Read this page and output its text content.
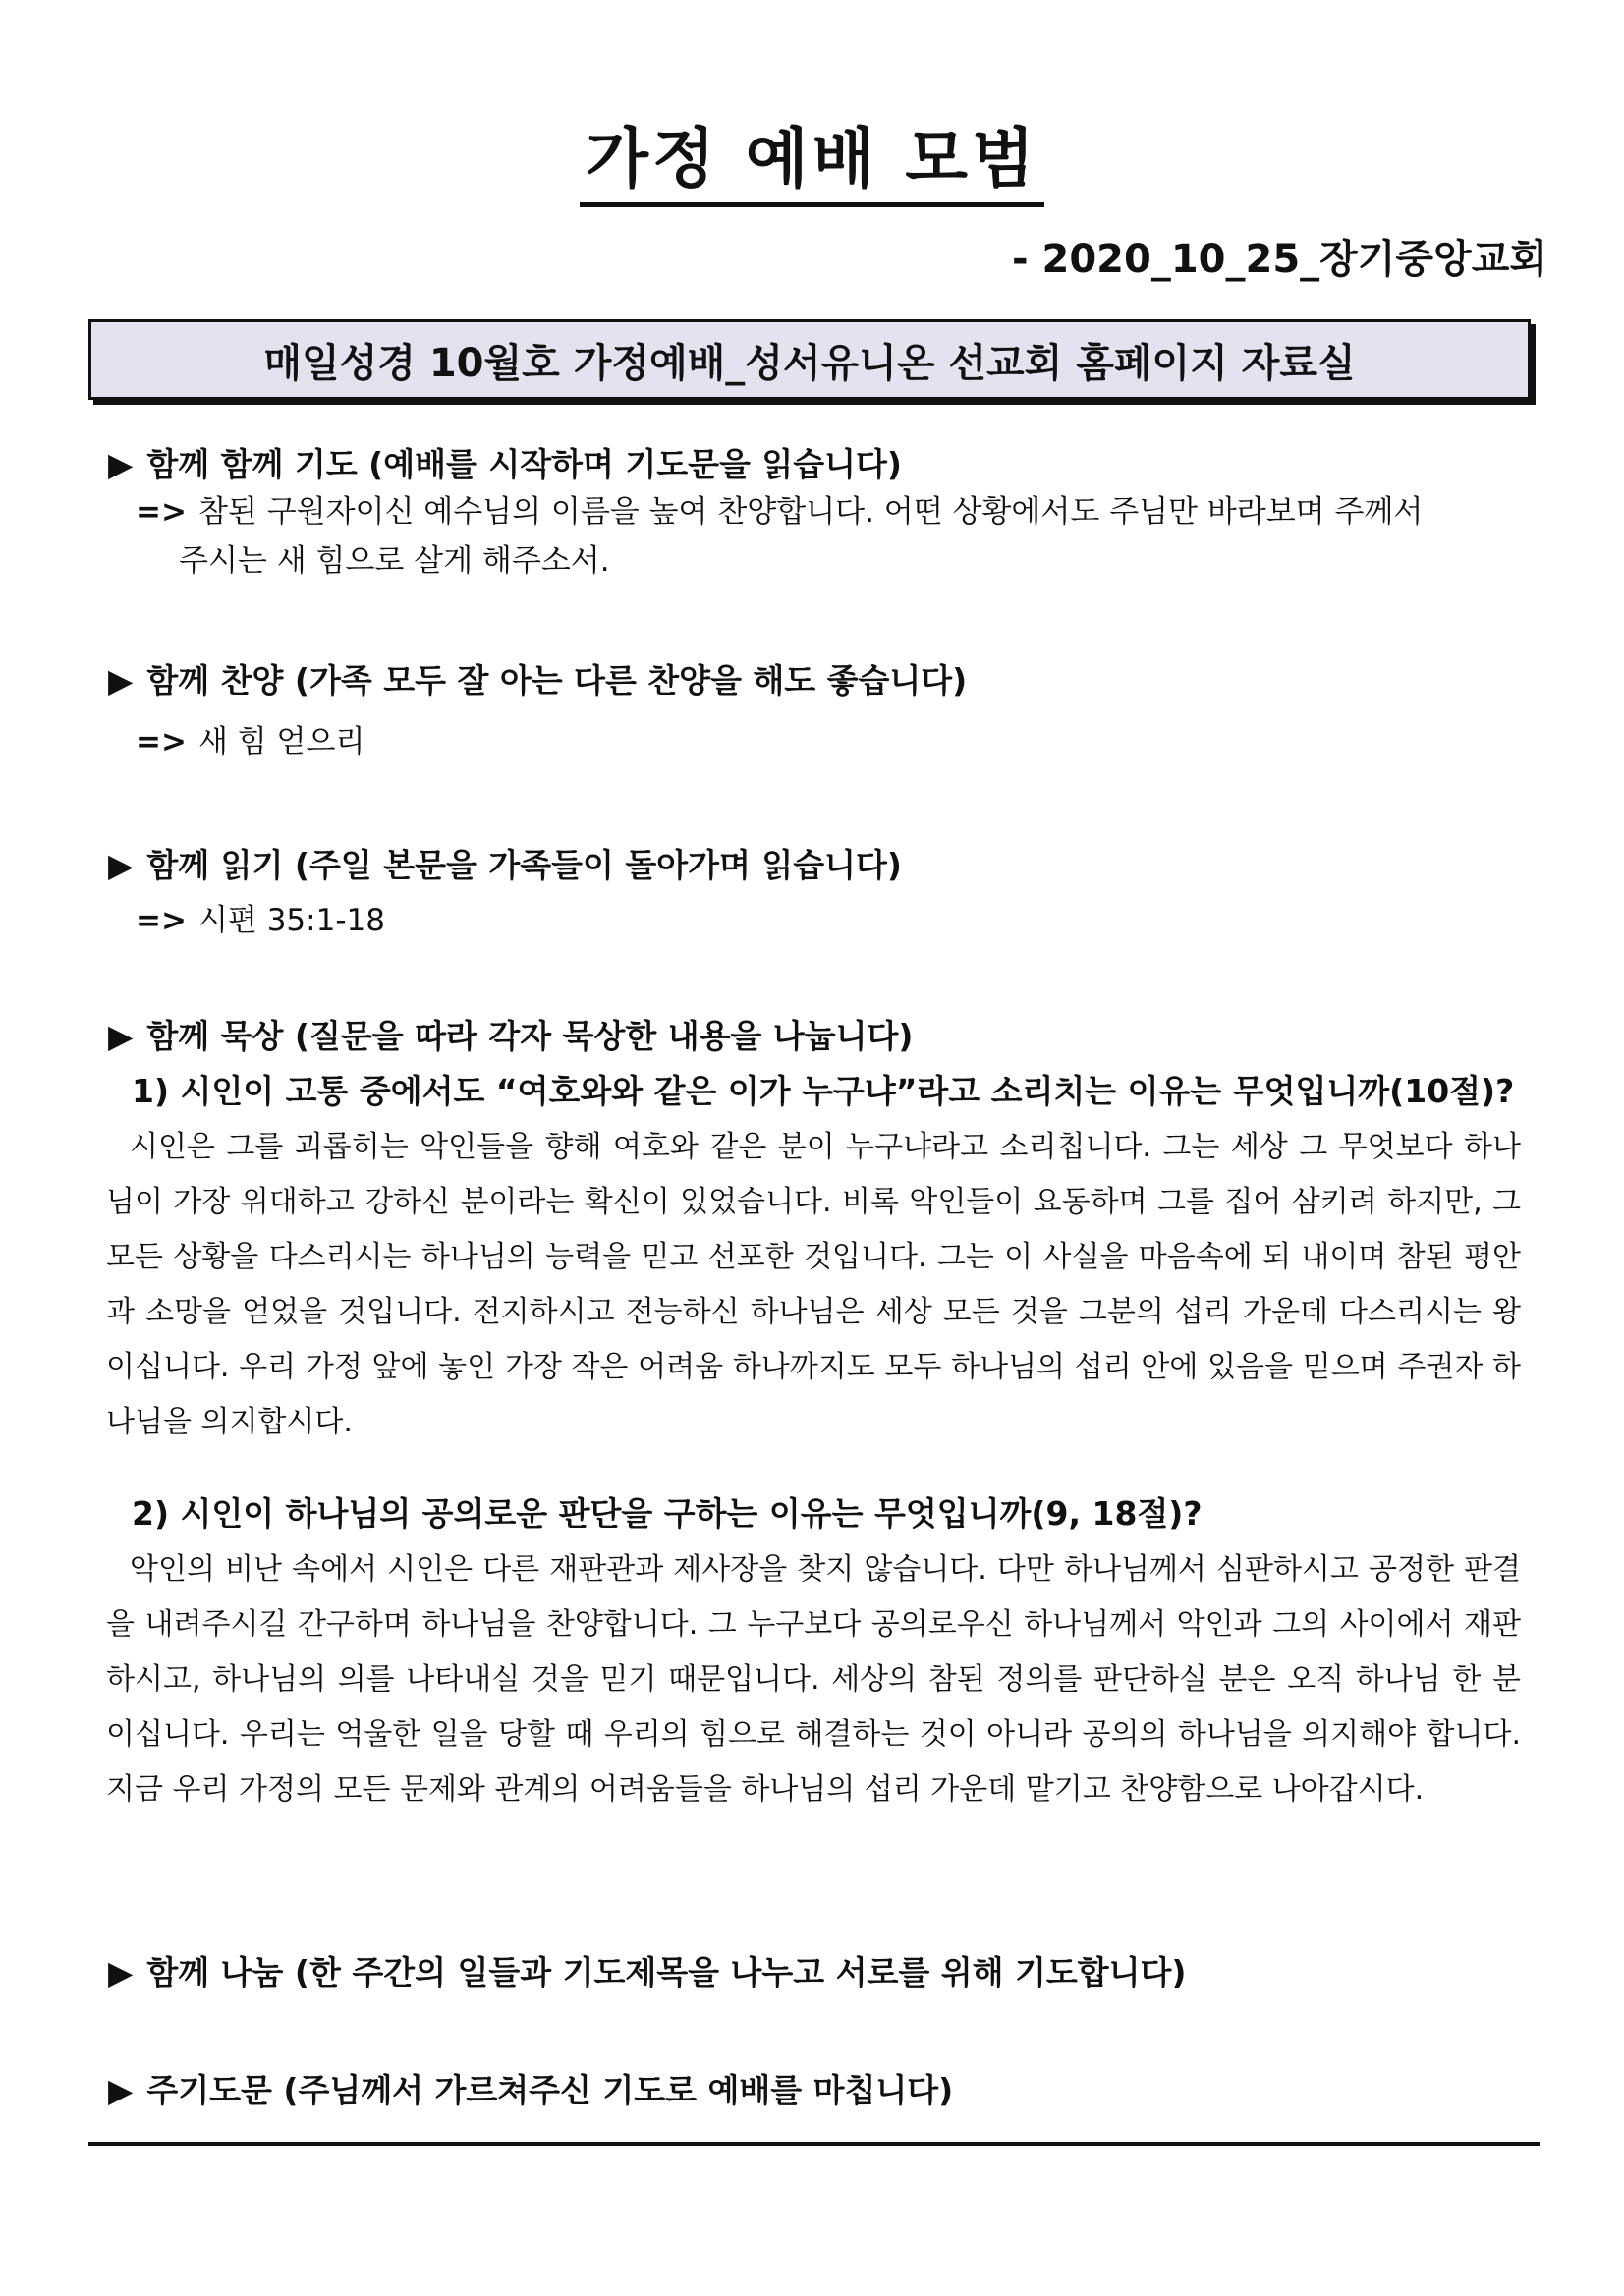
가정 예배 모범
- 2020_10_25_장기중앙교회
매일성경 10월호 가정예배_성서유니온 선교회 홈페이지 자료실

▶ 함께 함께 기도 (예배를 시작하며 기도문을 읽습니다)

=> 참된 구원자이신 예수님의 이름을 높여 찬양합니다. 어떤 상황에서도 주님만 바라보며 주께서

주시는 새 힘으로 살게 해주소서.

▶ 함께 찬양 (가족 모두 잘 아는 다른 찬양을 해도 좋습니다)

=> 새 힘 얻으리

▶ 함께 읽기 (주일 본문을 가족들이 돌아가며 읽습니다)

=> 시편 35:1-18

▶ 함께 묵상 (질문을 따라 각자 묵상한 내용을 나눕니다)

1) 시인이 고통 중에서도 “여호와와 같은 이가 누구냐”라고 소리치는 이유는 무엇입니까(10절)?

시인은 그를 괴롭히는 악인들을 향해 여호와 같은 분이 누구냐라고 소리칩니다. 그는 세상 그 무엇보다 하나님이 가장 위대하고 강하신 분이라는 확신이 있었습니다. 비록 악인들이 요동하며 그를 집어 삼키려 하지만, 그 모든 상황을 다스리시는 하나님의 능력을 믿고 선포한 것입니다. 그는 이 사실을 마음속에 되 내이며 참된 평안과 소망을 얻었을 것입니다. 전지하시고 전능하신 하나님은 세상 모든 것을 그분의 섭리 가운데 다스리시는 왕이십니다. 우리 가정 앞에 놓인 가장 작은 어려움 하나까지도 모두 하나님의 섭리 안에 있음을 믿으며 주권자 하나님을 의지합시다.

2) 시인이 하나님의 공의로운 판단을 구하는 이유는 무엇입니까(9, 18절)?

악인의 비난 속에서 시인은 다른 재판관과 제사장을 찾지 않습니다. 다만 하나님께서 심판하시고 공정한 판결을 내려주시길 간구하며 하나님을 찬양합니다. 그 누구보다 공의로우신 하나님께서 악인과 그의 사이에서 재판하시고, 하나님의 의를 나타내실 것을 믿기 때문입니다. 세상의 참된 정의를 판단하실 분은 오직 하나님 한 분 이십니다. 우리는 억울한 일을 당할 때 우리의 힘으로 해결하는 것이 아니라 공의의 하나님을 의지해야 합니다. 지금 우리 가정의 모든 문제와 관계의 어려움들을 하나님의 섭리 가운데 맡기고 찬양함으로 나아갑시다.

▶ 함께 나눔 (한 주간의 일들과 기도제목을 나누고 서로를 위해 기도합니다)

▶ 주기도문 (주님께서 가르쳐주신 기도로 예배를 마칩니다)
